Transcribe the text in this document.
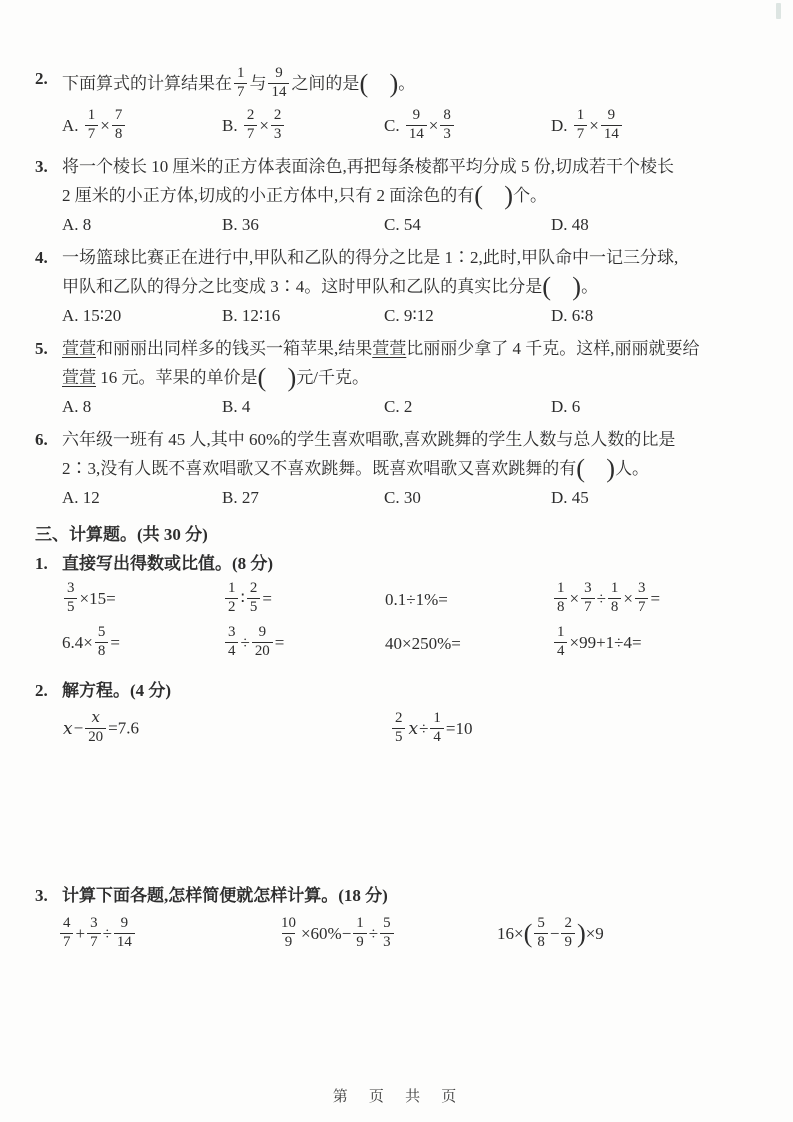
2. 下面算式的计算结果在 $\frac{1}{7}$ 与 $\frac{9}{14}$ 之间的是( )。
A. $\frac{1}{7} \times \frac{7}{8}$	B. $\frac{2}{7} \times \frac{2}{3}$	C. $\frac{9}{14} \times \frac{8}{3}$	D. $\frac{1}{7} \times \frac{9}{14}$
3. 将一个棱长 10 厘米的正方体表面涂色,再把每条棱都平均分成 5 份,切成若干个棱长
2 厘米的小正方体,切成的小正方体中,只有 2 面涂色的有( )个。
A. 8	B. 36	C. 54	D. 48
4. 一场篮球比赛正在进行中,甲队和乙队的得分之比是 1∶2,此时,甲队命中一记三分球,
甲队和乙队的得分之比变成 3∶4。这时甲队和乙队的真实比分是( )。
A. 15∶20	B. 12∶16	C. 9∶12	D. 6∶8
5. 萱萱和丽丽出同样多的钱买一箱苹果,结果萱萱比丽丽少拿了 4 千克。这样,丽丽就要给
萱萱 16 元。苹果的单价是( )元/千克。
A. 8	B. 4	C. 2	D. 6
6. 六年级一班有 45 人,其中 60%的学生喜欢唱歌,喜欢跳舞的学生人数与总人数的比是
2∶3,没有人既不喜欢唱歌又不喜欢跳舞。既喜欢唱歌又喜欢跳舞的有( )人。
A. 12	B. 27	C. 30	D. 45
三、计算题。(共 30 分)
1. 直接写出得数或比值。(8 分)
$\frac{3}{5} \times 15=$	$\frac{1}{2}$ ∶ $\frac{2}{5}$ =	0.1÷1%=	$\frac{1}{8} \times \frac{3}{7} \div \frac{1}{8} \times \frac{3}{7}$ =
$6.4\times \frac{5}{8}$ =	$\frac{3}{4} \div \frac{9}{20}$ =	40×250%=	$\frac{1}{4} \times 99+1\div 4=$
2. 解方程。(4 分)
$x- \frac{x}{20} =7.6$	$\frac{2}{5} x\div \frac{1}{4} =10$
3. 计算下面各题,怎样简便就怎样计算。(18 分)
$\frac{4}{7} + \frac{3}{7} \div \frac{9}{14}$	$\frac{10}{9} \times 60\%- \frac{1}{9} \div \frac{5}{3}$	$16\times( \frac{5}{8} - \frac{2}{9} )\times 9$
第 页 共 页
